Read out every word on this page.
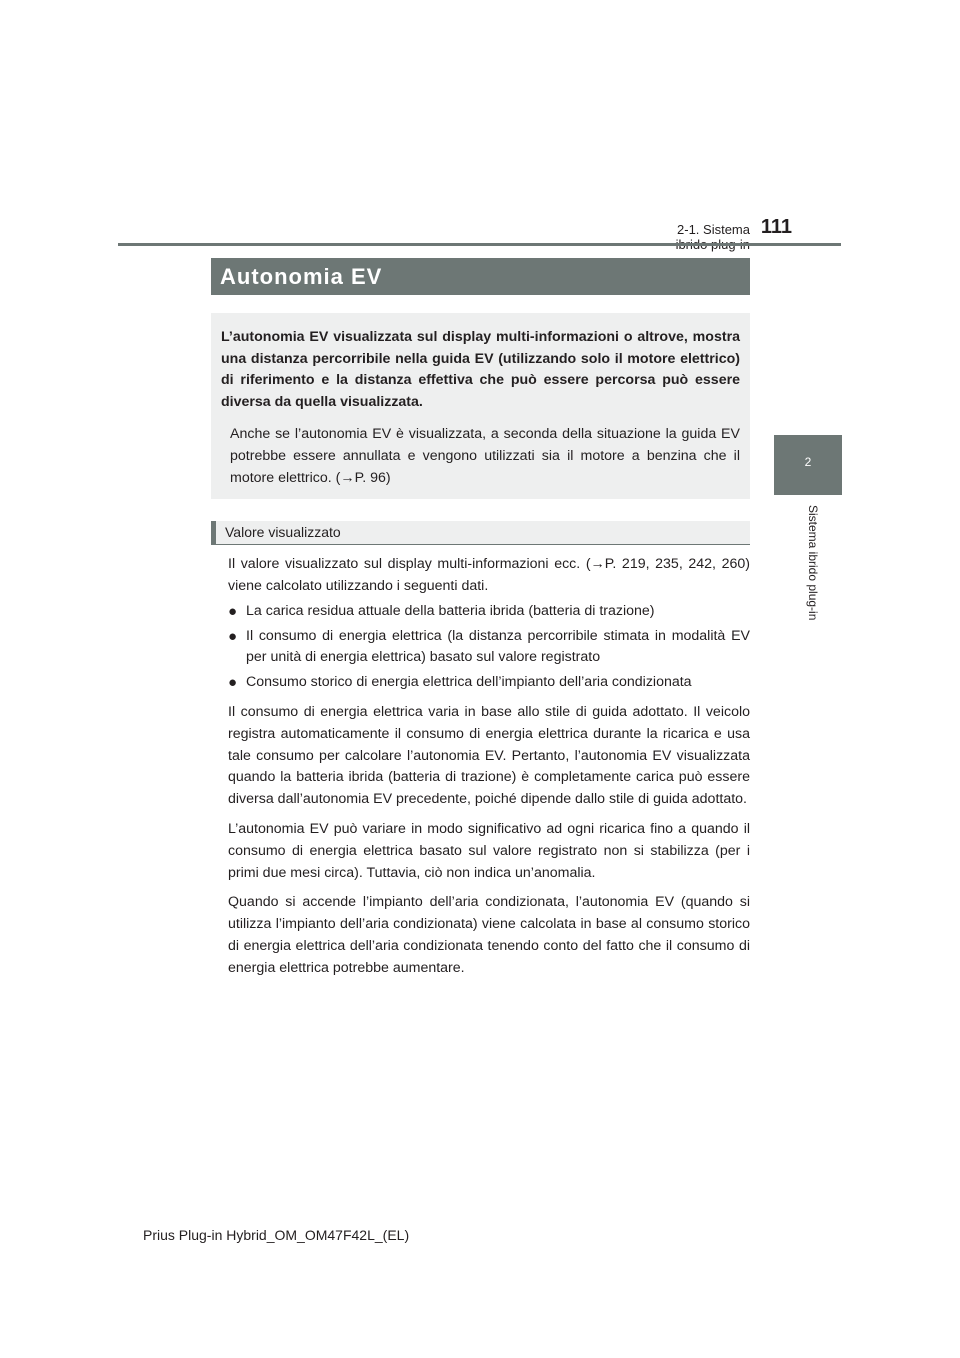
2-1. Sistema 111
2
Sistema ibrido plug-in
Autonomia EV

L’autonomia EV visualizzata sul display multi-informazioni o altrove, mostra una distanza percorribile nella guida EV (utilizzando solo il motore elettrico) di riferimento e la distanza effettiva che può essere percorsa può essere diversa da quella visualizzata.

Anche se l’autonomia EV è visualizzata, a seconda della situazione la guida EV potrebbe essere annullata e vengono utilizzati sia il motore a benzina che il motore elettrico. (→P. 96)

Valore visualizzato

Il valore visualizzato sul display multi-informazioni ecc. (→P. 219, 235, 242, 260) viene calcolato utilizzando i seguenti dati.

● La carica residua attuale della batteria ibrida (batteria di trazione)
● Il consumo di energia elettrica (la distanza percorribile stimata in modalità EV per unità di energia elettrica) basato sul valore registrato
● Consumo storico di energia elettrica dell’impianto dell’aria condizionata

Il consumo di energia elettrica varia in base allo stile di guida adottato. Il veicolo registra automaticamente il consumo di energia elettrica durante la ricarica e usa tale consumo per calcolare l’autonomia EV. Pertanto, l’autonomia EV visualizzata quando la batteria ibrida (batteria di trazione) è completamente carica può essere diversa dall’autonomia EV precedente, poiché dipende dallo stile di guida adottato.

L’autonomia EV può variare in modo significativo ad ogni ricarica fino a quando il consumo di energia elettrica basato sul valore registrato non si stabilizza (per i primi due mesi circa). Tuttavia, ciò non indica un’anomalia.

Quando si accende l’impianto dell’aria condizionata, l’autonomia EV (quando si utilizza l’impianto dell’aria condizionata) viene calcolata in base al consumo storico di energia elettrica dell’aria condizionata tenendo conto del fatto che il consumo di energia elettrica potrebbe aumentare.

Prius Plug-in Hybrid_OM_OM47F42L_(EL)
